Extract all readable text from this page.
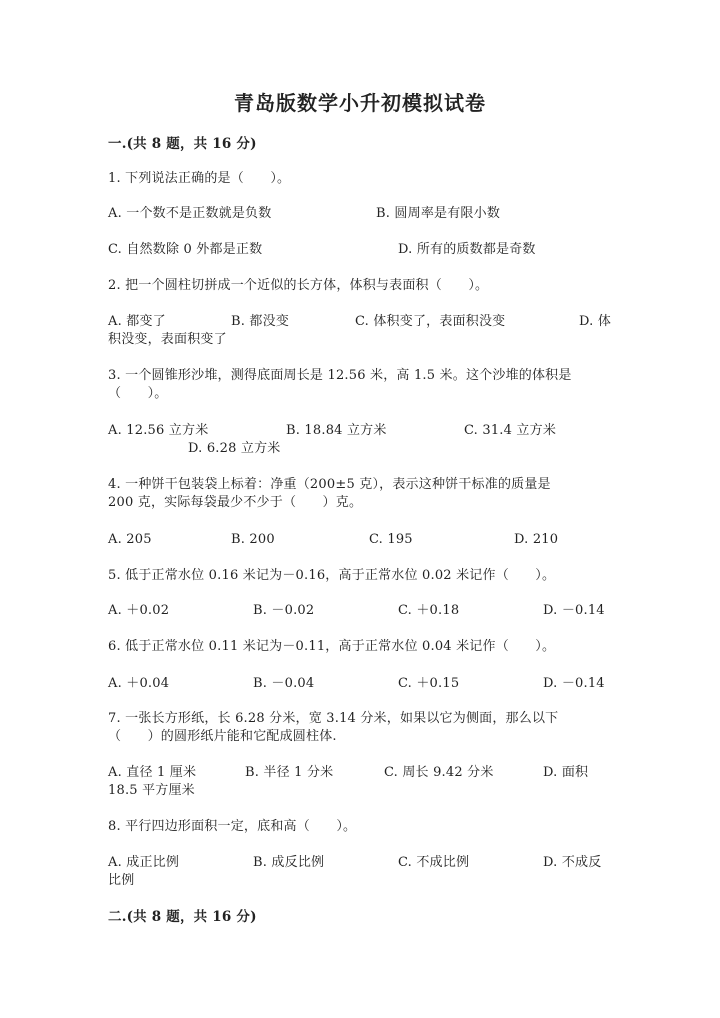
青岛版数学小升初模拟试卷
一.(共 8 题，共 16 分)
1. 下列说法正确的是（　　）。
A. 一个数不是正数就是负数	B. 圆周率是有限小数
C. 自然数除 0 外都是正数	D. 所有的质数都是奇数
2. 把一个圆柱切拼成一个近似的长方体，体积与表面积（　　）。
A. 都变了	B. 都没变	C. 体积变了，表面积没变	D. 体
积没变，表面积变了
3. 一个圆锥形沙堆，测得底面周长是 12.56 米，高 1.5 米。这个沙堆的体积是
（　　）。
A. 12.56 立方米	B. 18.84 立方米	C. 31.4 立方米
D. 6.28 立方米
4. 一种饼干包装袋上标着：净重（200±5 克），表示这种饼干标准的质量是
200 克，实际每袋最少不少于（　　）克。
A. 205	B. 200	C. 195	D. 210
5. 低于正常水位 0.16 米记为－0.16，高于正常水位 0.02 米记作（　　）。
A. ＋0.02	B. －0.02	C. ＋0.18	D. －0.14
6. 低于正常水位 0.11 米记为－0.11，高于正常水位 0.04 米记作（　　）。
A. ＋0.04	B. －0.04	C. ＋0.15	D. －0.14
7. 一张长方形纸，长 6.28 分米，宽 3.14 分米，如果以它为侧面，那么以下
（　　）的圆形纸片能和它配成圆柱体.
A. 直径 1 厘米	B. 半径 1 分米	C. 周长 9.42 分米	D. 面积
18.5 平方厘米
8. 平行四边形面积一定，底和高（　　）。
A. 成正比例	B. 成反比例	C. 不成比例	D. 不成反
比例
二.(共 8 题，共 16 分)
